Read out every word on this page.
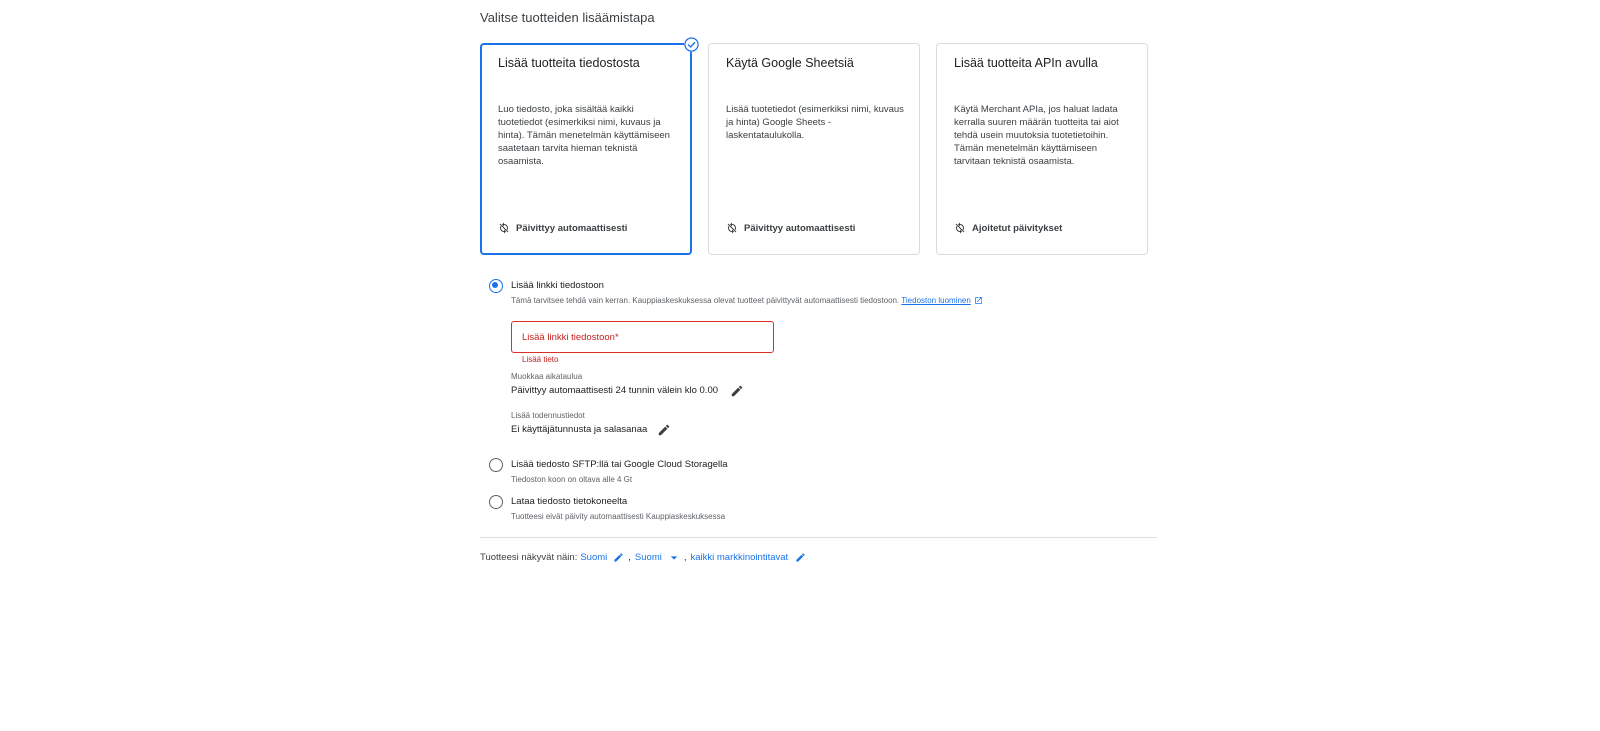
Valitse tuotteiden lisäämistapa
Lisää tuotteita tiedostosta
Luo tiedosto, joka sisältää kaikki tuotetiedot (esimerkiksi nimi, kuvaus ja hinta). Tämän menetelmän käyttämiseen saatetaan tarvita hieman teknistä osaamista.
Päivittyy automaattisesti
Käytä Google Sheetsiä
Lisää tuotetiedot (esimerkiksi nimi, kuvaus ja hinta) Google Sheets -laskentataulukolla.
Päivittyy automaattisesti
Lisää tuotteita APIn avulla
Käytä Merchant APIa, jos haluat ladata kerralla suuren määrän tuotteita tai aiot tehdä usein muutoksia tuotetietoihin. Tämän menetelmän käyttämiseen tarvitaan teknistä osaamista.
Ajoitetut päivitykset
Lisää linkki tiedostoon
Tämä tarvitsee tehdä vain kerran. Kauppiaskeskuksessa olevat tuotteet päivittyvät automaattisesti tiedostoon. Tiedoston luominen
Lisää linkki tiedostoon*
Lisää tieto
Muokkaa aikataulua
Päivittyy automaattisesti 24 tunnin välein klo 0.00
Lisää todennustiedot
Ei käyttäjätunnusta ja salasanaa
Lisää tiedosto SFTP:llä tai Google Cloud Storagella
Tiedoston koon on oltava alle 4 Gt
Lataa tiedosto tietokoneelta
Tuotteesi eivät päivity automaattisesti Kauppiaskeskuksessa
Tuotteesi näkyvät näin: Suomi , Suomi , kaikki markkinointitavat
